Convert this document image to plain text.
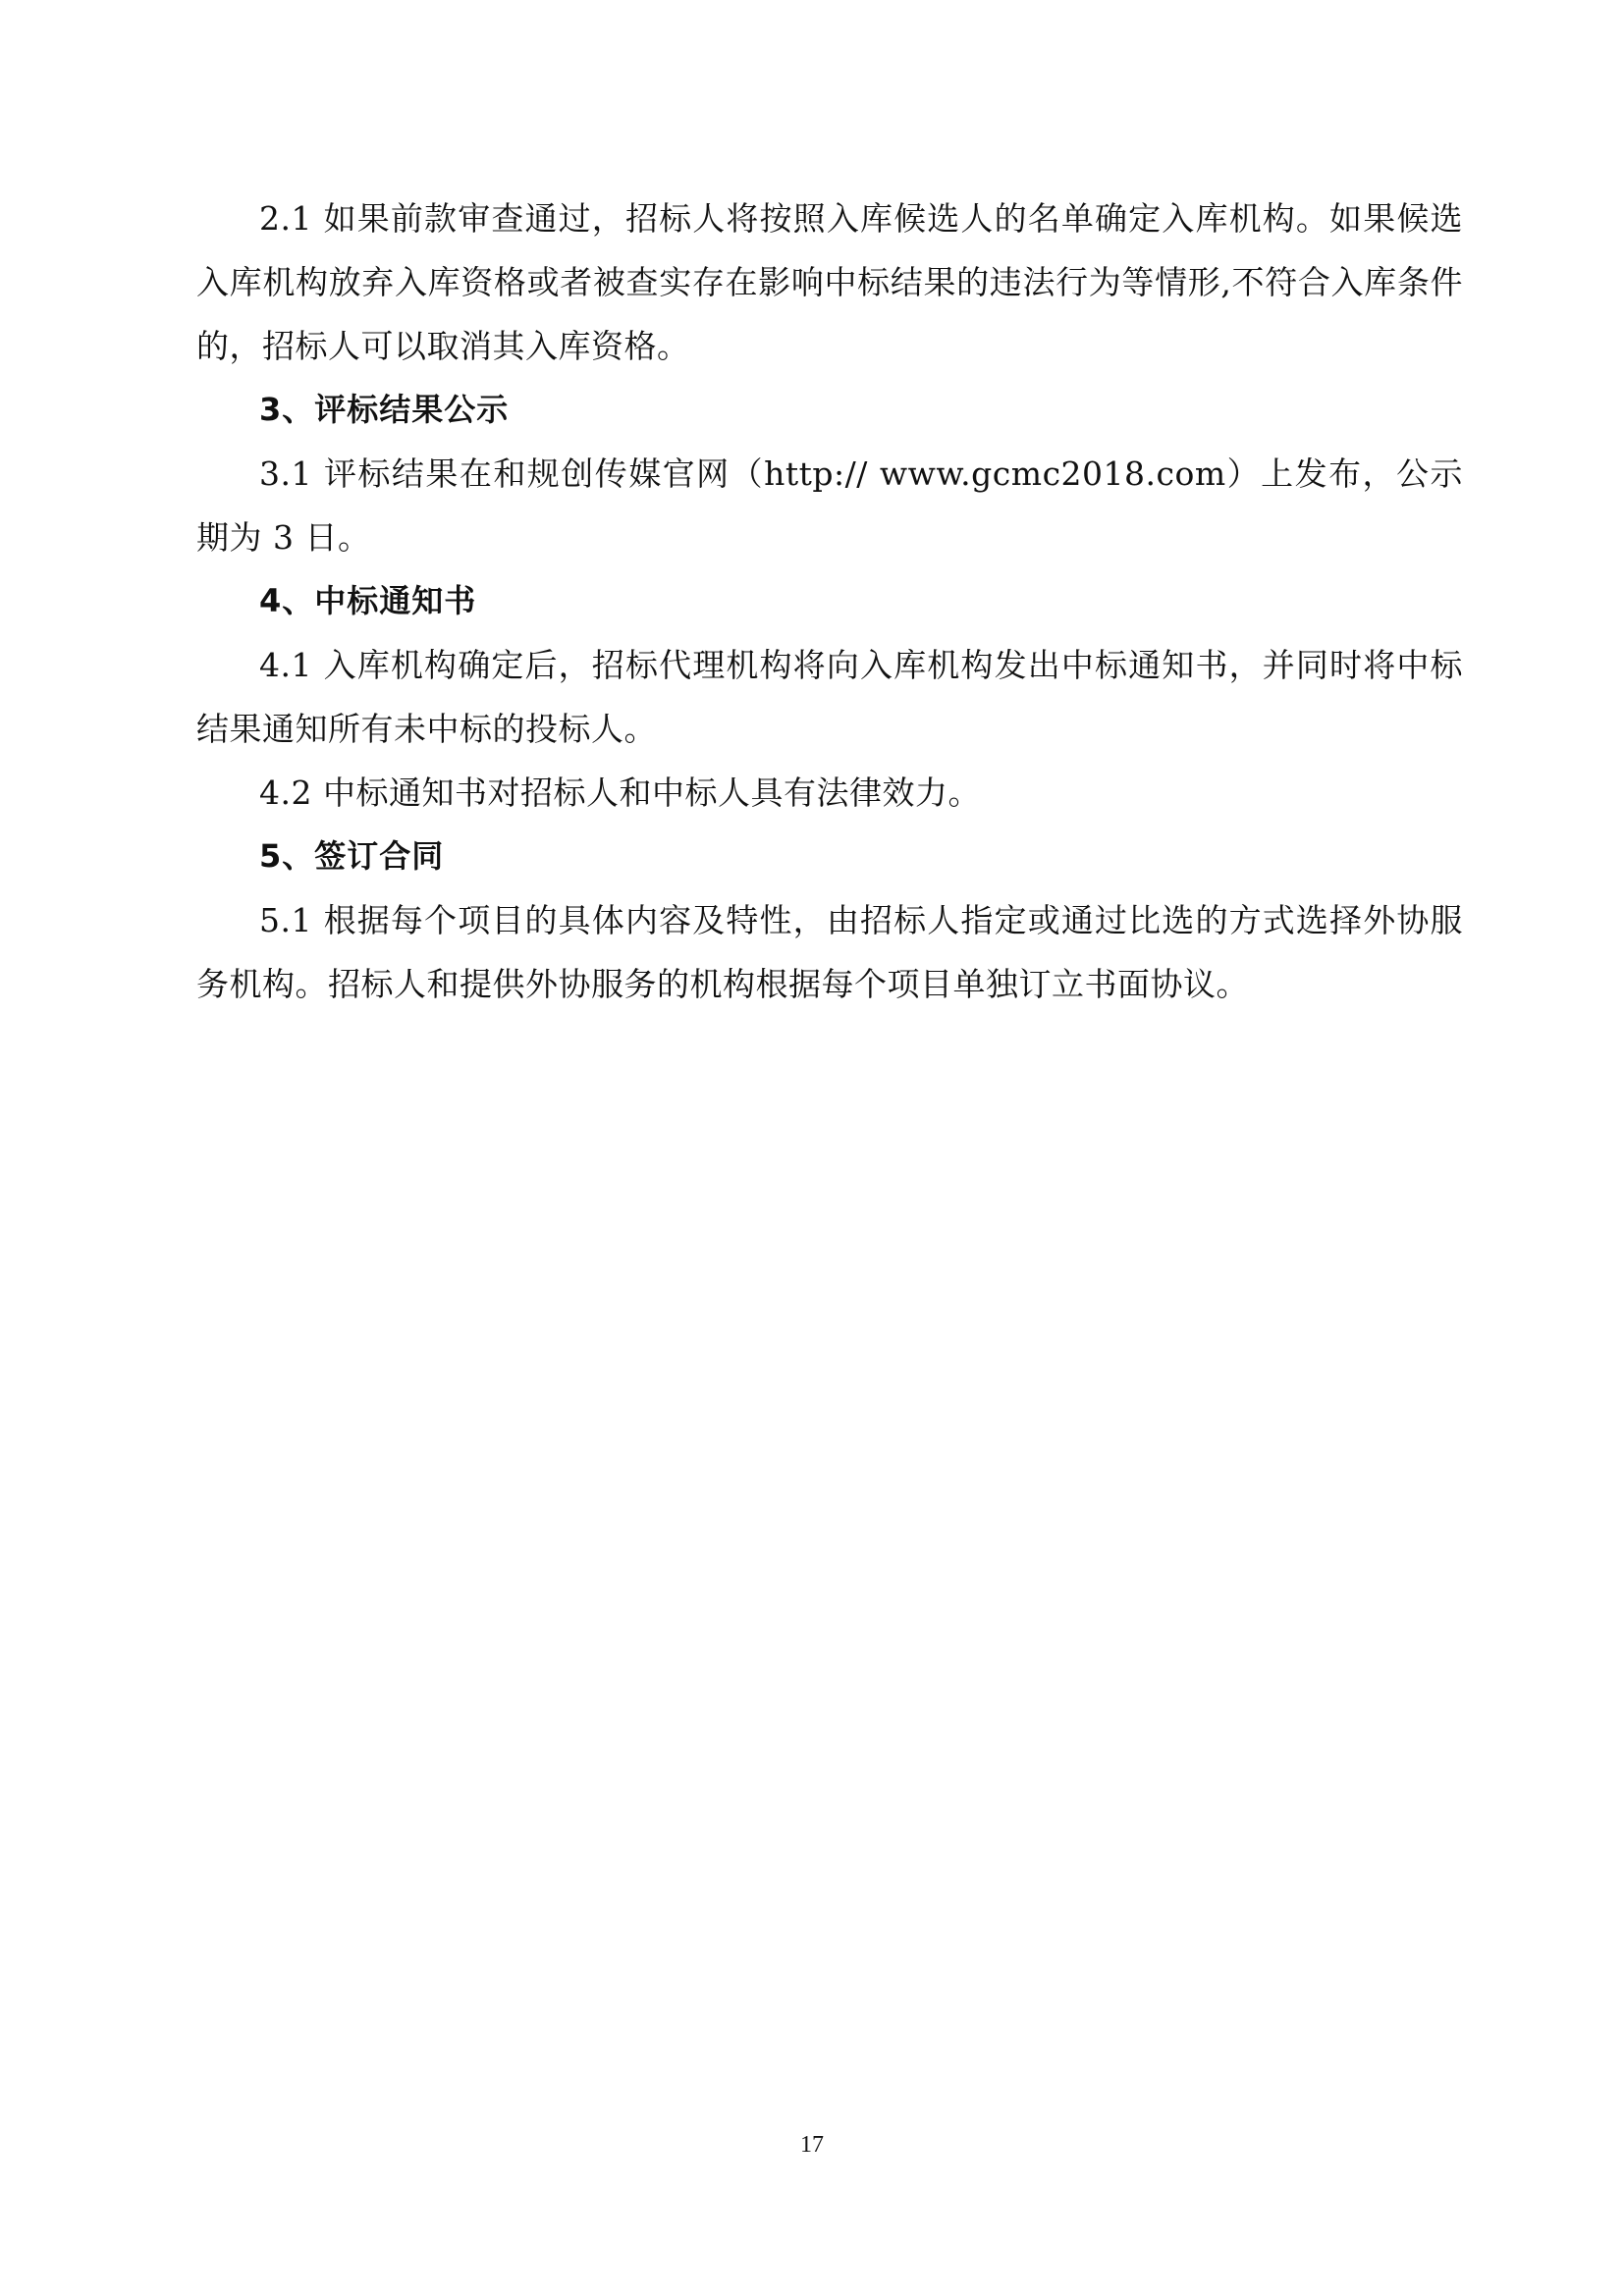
2.1 如果前款审查通过，招标人将按照入库候选人的名单确定入库机构。如果候选入库机构放弃入库资格或者被查实存在影响中标结果的违法行为等情形,不符合入库条件的，招标人可以取消其入库资格。

3、评标结果公示

3.1 评标结果在和规创传媒官网（http:// www.gcmc2018.com）上发布，公示期为 3 日。

4、中标通知书

4.1 入库机构确定后，招标代理机构将向入库机构发出中标通知书，并同时将中标结果通知所有未中标的投标人。

4.2 中标通知书对招标人和中标人具有法律效力。

5、签订合同

5.1 根据每个项目的具体内容及特性，由招标人指定或通过比选的方式选择外协服务机构。招标人和提供外协服务的机构根据每个项目单独订立书面协议。

17
